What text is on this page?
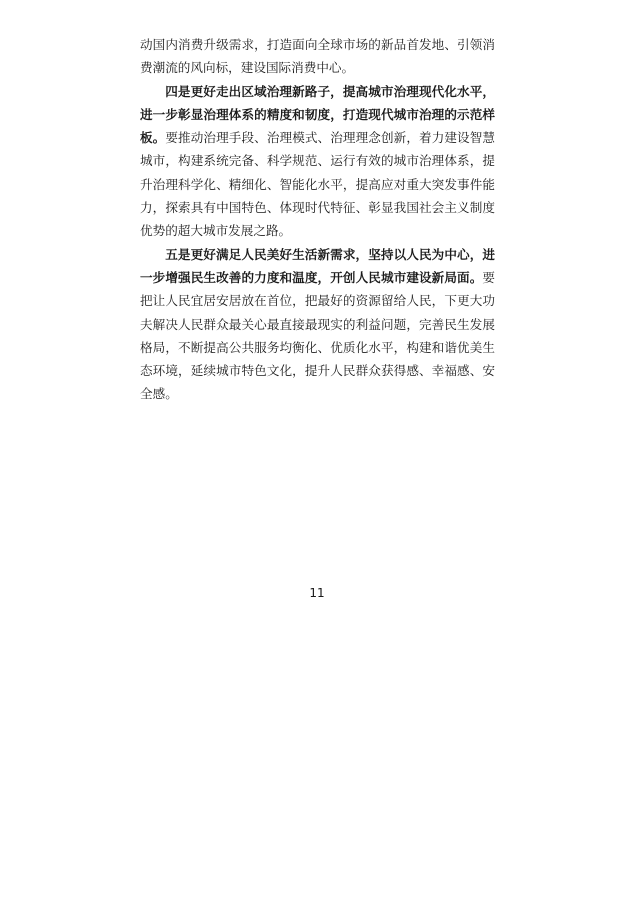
动国内消费升级需求，打造面向全球市场的新品首发地、引领消费潮流的风向标，建设国际消费中心。

四是更好走出区域治理新路子，提高城市治理现代化水平，进一步彰显治理体系的精度和韧度，打造现代城市治理的示范样板。要推动治理手段、治理模式、治理理念创新，着力建设智慧城市，构建系统完备、科学规范、运行有效的城市治理体系，提升治理科学化、精细化、智能化水平，提高应对重大突发事件能力，探索具有中国特色、体现时代特征、彰显我国社会主义制度优势的超大城市发展之路。

五是更好满足人民美好生活新需求，坚持以人民为中心，进一步增强民生改善的力度和温度，开创人民城市建设新局面。要把让人民宜居安居放在首位，把最好的资源留给人民，下更大功夫解决人民群众最关心最直接最现实的利益问题，完善民生发展格局，不断提高公共服务均衡化、优质化水平，构建和谐优美生态环境，延续城市特色文化，提升人民群众获得感、幸福感、安全感。

11
